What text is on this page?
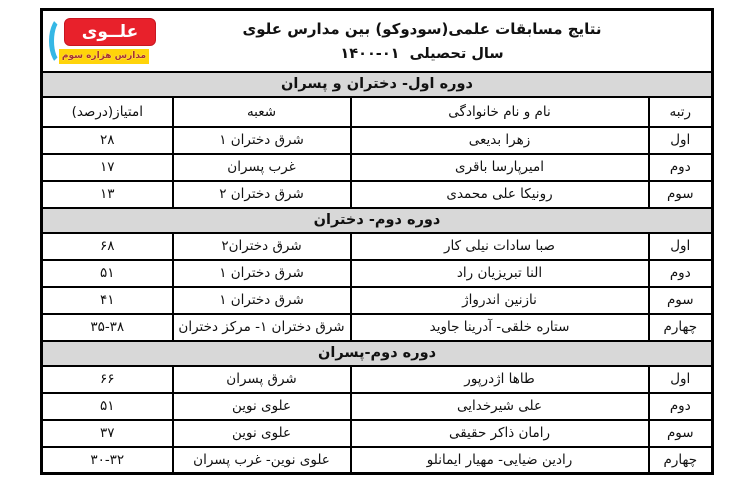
علــوی
مدارس هزاره سوم
نتایج مسابقات علمی(سودوکو) بین مدارس علوی
سال تحصیلی ۱۴۰۰-۰۱			

دوره اول- دختران و پسران			
رتبه	نام و نام خانوادگی	شعبه	امتیاز(درصد)
اول	زهرا بدیعی	شرق دختران ۱	۲۸
دوم	امیرپارسا باقری	غرب پسران	۱۷
سوم	رونیکا علی محمدی	شرق دختران ۲	۱۳
دوره دوم- دختران			
اول	صبا سادات نیلی کار	شرق دختران۲	۶۸
دوم	النا تبریزیان راد	شرق دختران ۱	۵۱
سوم	نازنین اندرواژ	شرق دختران ۱	۴۱
چهارم	ستاره خلقی- آدرینا جاوید	شرق دختران ۱- مرکز دختران	۳۵-۳۸
دوره دوم-پسران			
اول	طاها اژدرپور	شرق پسران	۶۶
دوم	علی شیرخدایی	علوی نوین	۵۱
سوم	رامان ذاکر حقیقی	علوی نوین	۳۷
چهارم	رادین ضیایی- مهیار ایمانلو	علوی نوین- غرب پسران	۳۰-۳۲
